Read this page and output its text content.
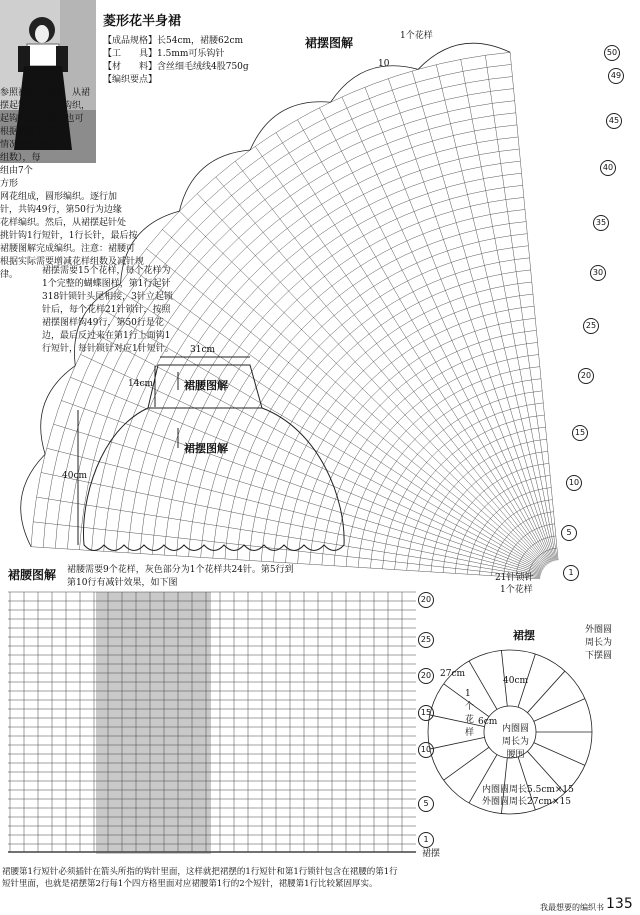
菱形花半身裙
【成品规格】长54cm，裙腰62cm
【工　　具】1.5mm可乐钩针
【材　　料】含丝细毛绒线4股750g
【编织要点】
参照裙摆示意图，从裙
摆起针由上往下钩织，
起钩15组花样（也可
根据着装者实际
情况加减花样
组数），每
组由7个
方形
网花组成，圆形编织。逐行加
针，共钩49行，第50行为边缘
花样编织。然后，从裙摆起针处
挑针钩1行短针，1行长针，最后按
裙腰图解完成编织。注意：裙腰可
根据实际需要增减花样组数及减针规
律。	裙摆需要15个花样，每个花样为
1个完整的蝴蝶图样，第1行起针
318针锁针头尾相接，3针立起锁
针后，每个花样21针锁针，按照
裙摆图样钩49行，第50行是花
边，最后反过来在第1行上面钩1
行短针，每针锁针对应1针短针。
裙摆图解	1个花样
10
50
49
45
40
35
30
25
20
15
10
5
1
21针锁针
1个花样
31cm
14cm	裙腰图解
裙摆图解
40cm
裙腰图解 裙腰需要9个花样，灰色部分为1个花样共24针。第5行到
第10行有减针效果，如下图
20
25
20
15
10
5
1
裙摆
裙摆	外圈圆
周长为
下摆圆
40cm
1个花样
6cm
27cm
内圈圆
周长为
腰围
内圈圆周长5.5cm×15
外圈圆周长27cm×15
裙腰第1行短针必须插针在箭头所指的钩针里面，这样就把裙摆的1行短针和第1行锁针包含在裙腰的第1行
短针里面，也就是裙摆第2行每1个四方格里面对应裙腰第1行的2个短针，裙腰第1行比较紧固厚实。
我最想要的编织书 135
